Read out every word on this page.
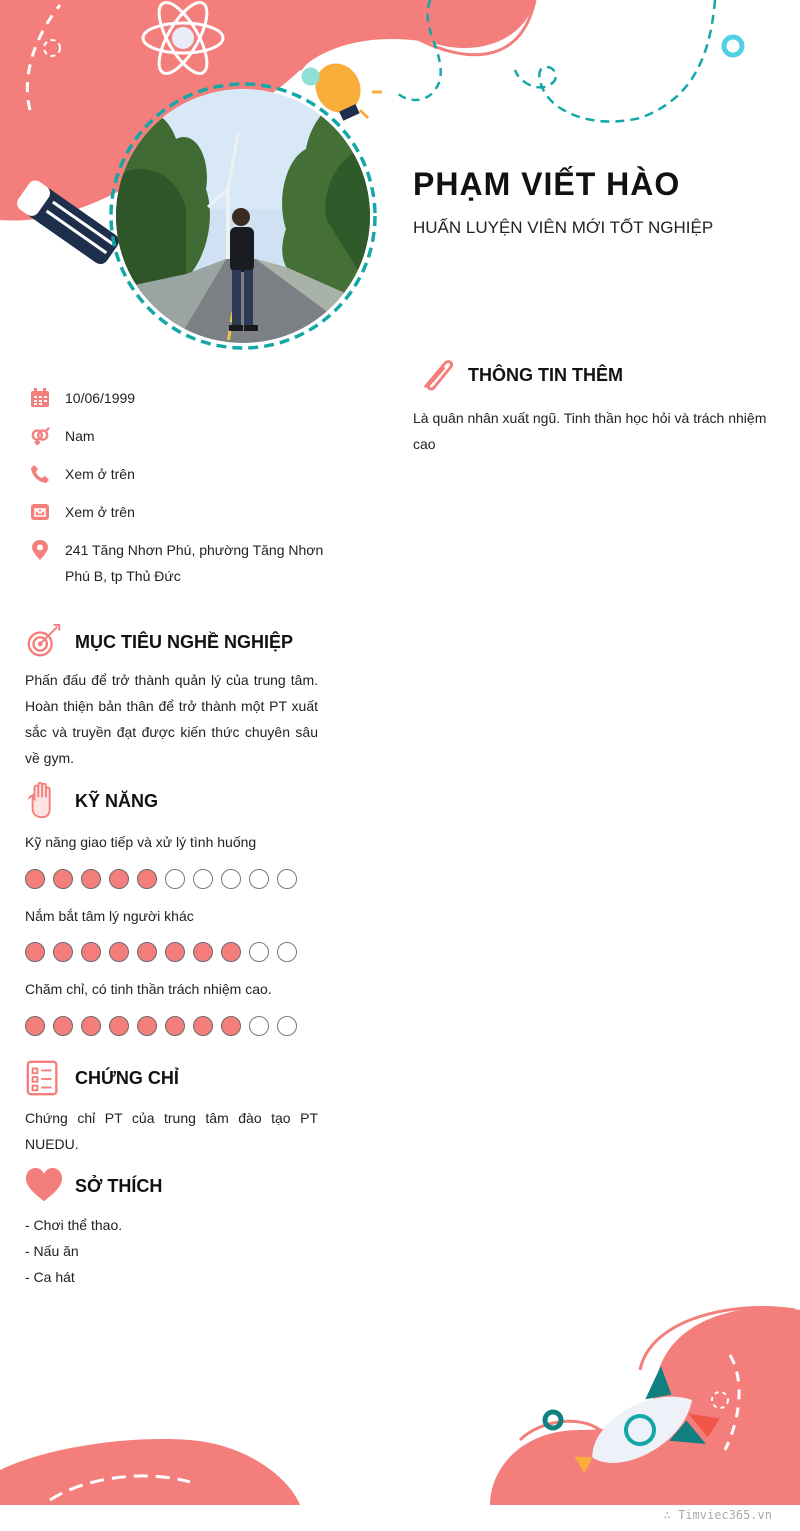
PHẠM VIẾT HÀO
HUẤN LUYỆN VIÊN MỚI TỐT NGHIỆP
10/06/1999
Nam
Xem ở trên
Xem ở trên
241 Tăng Nhơn Phú, phường Tăng Nhơn Phú B, tp Thủ Đức
THÔNG TIN THÊM
Là quân nhân xuất ngũ. Tinh thần học hỏi và trách nhiệm cao
MỤC TIÊU NGHỀ NGHIỆP
Phấn đấu để trở thành quản lý của trung tâm. Hoàn thiện bản thân để trở thành một PT xuất sắc và truyền đạt được kiến thức chuyên sâu về gym.
KỸ NĂNG
Kỹ năng giao tiếp và xử lý tình huống
Nắm bắt tâm lý người khác
Chăm chỉ, có tinh thần trách nhiệm cao.
CHỨNG CHỈ
Chứng chỉ PT của trung tâm đào tạo PT NUEDU.
SỞ THÍCH
- Chơi thể thao.
- Nấu ăn
- Ca hát
∴ Timviec365.vn
